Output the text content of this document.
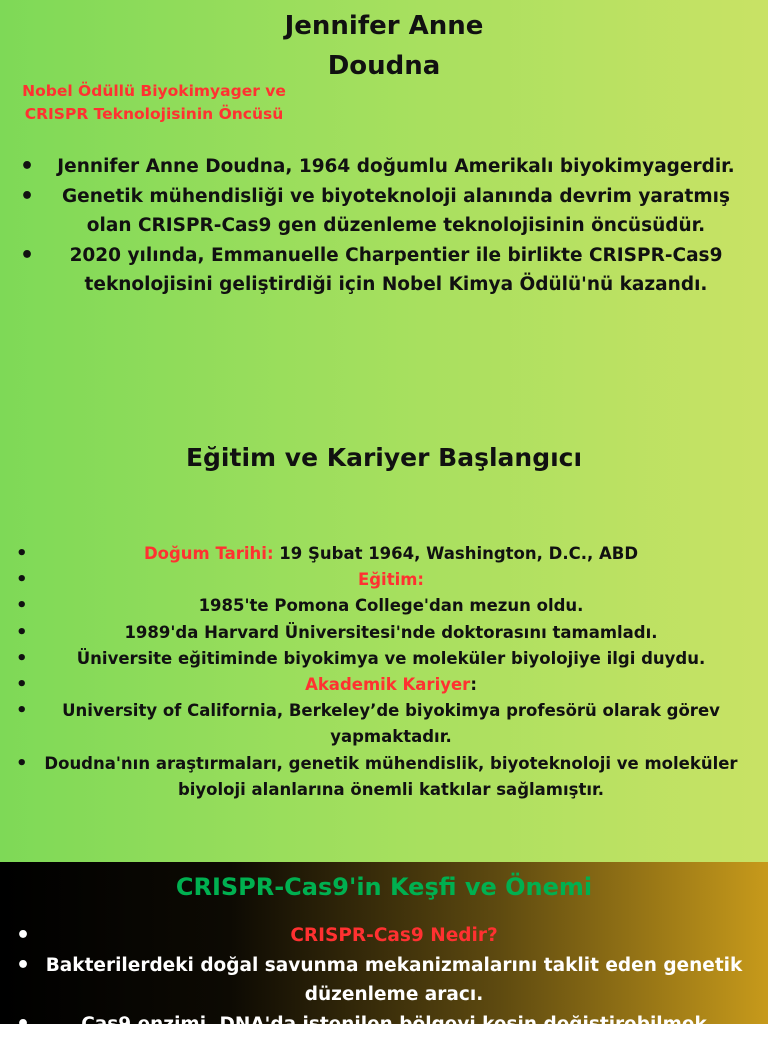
Jennifer Anne
Doudna
Nobel Ödüllü Biyokimyager ve
CRISPR Teknolojisinin Öncüsü
• Jennifer Anne Doudna, 1964 doğumlu Amerikalı biyokimyagerdir.
• Genetik mühendisliği ve biyoteknoloji alanında devrim yaratmış olan CRISPR-Cas9 gen düzenleme teknolojisinin öncüsüdür.
• 2020 yılında, Emmanuelle Charpentier ile birlikte CRISPR-Cas9 teknolojisini geliştirdiği için Nobel Kimya Ödülü'nü kazandı.
Eğitim ve Kariyer Başlangıcı
• Doğum Tarihi: 19 Şubat 1964, Washington, D.C., ABD
• Eğitim:
• 1985'te Pomona College'dan mezun oldu.
• 1989'da Harvard Üniversitesi'nde doktorasını tamamladı.
• Üniversite eğitiminde biyokimya ve moleküler biyolojiye ilgi duydu.
• Akademik Kariyer:
• University of California, Berkeley’de biyokimya profesörü olarak görev yapmaktadır.
• Doudna'nın araştırmaları, genetik mühendislik, biyoteknoloji ve moleküler biyoloji alanlarına önemli katkılar sağlamıştır.
CRISPR-Cas9'in Keşfi ve Önemi
• CRISPR-Cas9 Nedir?
• Bakterilerdeki doğal savunma mekanizmalarını taklit eden genetik düzenleme aracı.
• Cas9 enzimi, DNA'da istenilen bölgeyi kesin değiştirebilmek
